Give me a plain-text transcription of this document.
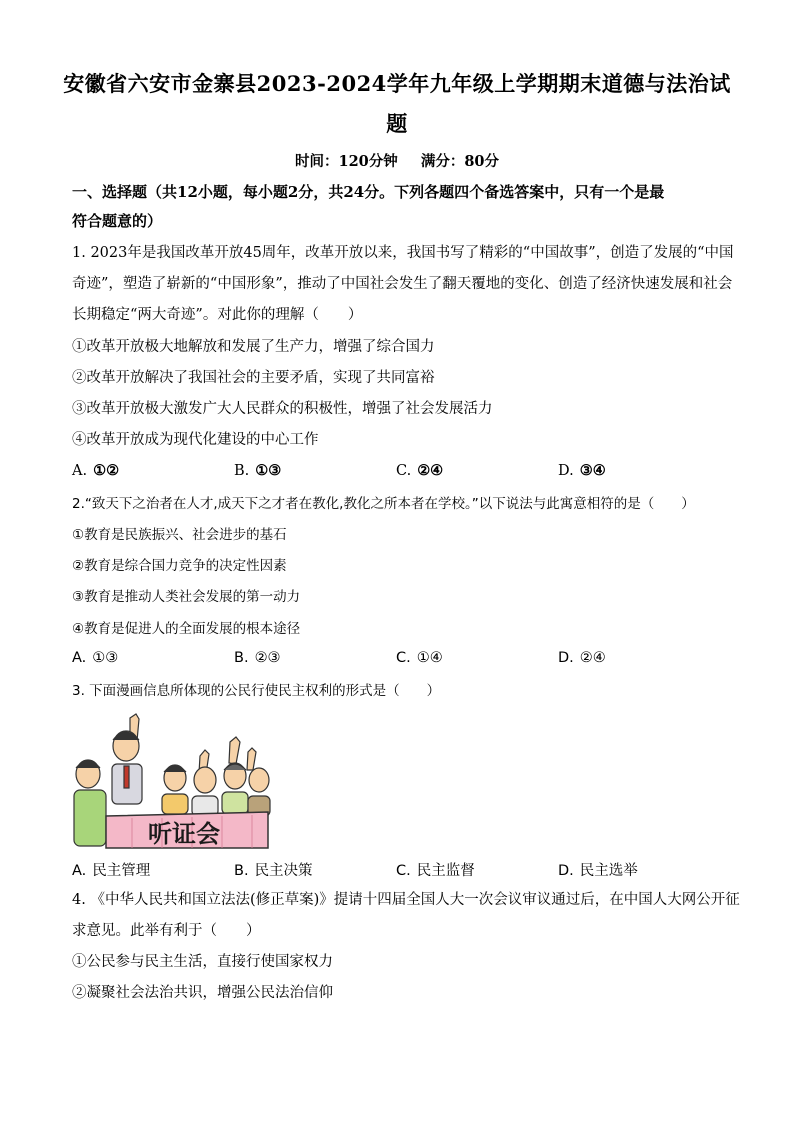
安徽省六安市金寨县2023-2024学年九年级上学期期末道德与法治试
题
时间：120分钟 满分：80分
一、选择题（共12小题，每小题2分，共24分。下列各题四个备选答案中，只有一个是最
符合题意的）
1. 2023年是我国改革开放45周年，改革开放以来，我国书写了精彩的“中国故事”，创造了发展的“中国
奇迹”，塑造了崭新的“中国形象”，推动了中国社会发生了翻天覆地的变化、创造了经济快速发展和社会
长期稳定“两大奇迹”。对此你的理解（　　）
①改革开放极大地解放和发展了生产力，增强了综合国力
②改革开放解决了我国社会的主要矛盾，实现了共同富裕
③改革开放极大激发广大人民群众的积极性，增强了社会发展活力
④改革开放成为现代化建设的中心工作
A. ①②	B. ①③	C. ②④	D. ③④
2.“致天下之治者在人才,成天下之才者在教化,教化之所本者在学校。”以下说法与此寓意相符的是（　　）
①教育是民族振兴、社会进步的基石
②教育是综合国力竞争的决定性因素
③教育是推动人类社会发展的第一动力
④教育是促进人的全面发展的根本途径
A. ①③	B. ②③	C. ①④	D. ②④
3. 下面漫画信息所体现的公民行使民主权利的形式是（　　）
听证会
A. 民主管理	B. 民主决策	C. 民主监督	D. 民主选举
4. 《中华人民共和国立法法(修正草案)》提请十四届全国人大一次会议审议通过后，在中国人大网公开征
求意见。此举有利于（　　）
①公民参与民主生活，直接行使国家权力
②凝聚社会法治共识，增强公民法治信仰
